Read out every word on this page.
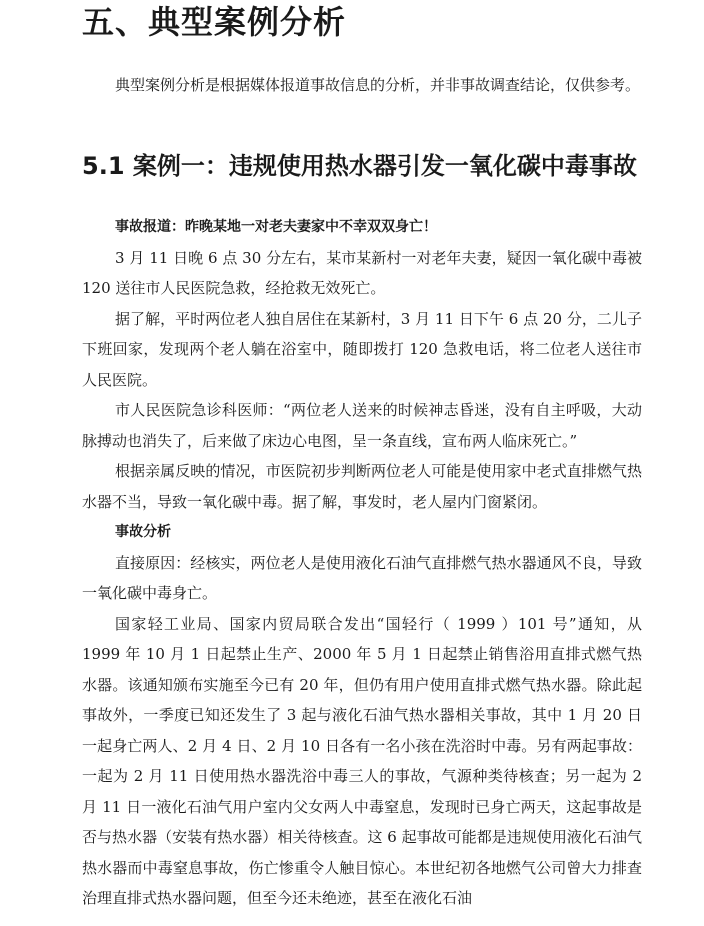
五、典型案例分析

典型案例分析是根据媒体报道事故信息的分析，并非事故调查结论，仅供参考。

5.1 案例一：违规使用热水器引发一氧化碳中毒事故

事故报道：昨晚某地一对老夫妻家中不幸双双身亡！

3 月 11 日晚 6 点 30 分左右，某市某新村一对老年夫妻，疑因一氧化碳中毒被 120 送往市人民医院急救，经抢救无效死亡。

据了解，平时两位老人独自居住在某新村，3 月 11 日下午 6 点 20 分，二儿子下班回家，发现两个老人躺在浴室中，随即拨打 120 急救电话，将二位老人送往市人民医院。

市人民医院急诊科医师：“两位老人送来的时候神志昏迷，没有自主呼吸，大动脉搏动也消失了，后来做了床边心电图，呈一条直线，宣布两人临床死亡。”

根据亲属反映的情况，市医院初步判断两位老人可能是使用家中老式直排燃气热水器不当，导致一氧化碳中毒。据了解，事发时，老人屋内门窗紧闭。

事故分析

直接原因：经核实，两位老人是使用液化石油气直排燃气热水器通风不良，导致一氧化碳中毒身亡。

国家轻工业局、国家内贸局联合发出“国轻行（ 1999 ）101 号”通知，从 1999 年 10 月 1 日起禁止生产、2000 年 5 月 1 日起禁止销售浴用直排式燃气热水器。该通知颁布实施至今已有 20 年，但仍有用户使用直排式燃气热水器。除此起事故外，一季度已知还发生了 3 起与液化石油气热水器相关事故，其中 1 月 20 日一起身亡两人、2 月 4 日、2 月 10 日各有一名小孩在洗浴时中毒。另有两起事故：一起为 2 月 11 日使用热水器洗浴中毒三人的事故，气源种类待核查；另一起为 2 月 11 日一液化石油气用户室内父女两人中毒窒息，发现时已身亡两天，这起事故是否与热水器（安装有热水器）相关待核查。这 6 起事故可能都是违规使用液化石油气热水器而中毒窒息事故，伤亡惨重令人触目惊心。本世纪初各地燃气公司曾大力排查治理直排式热水器问题，但至今还未绝迹，甚至在液化石油
